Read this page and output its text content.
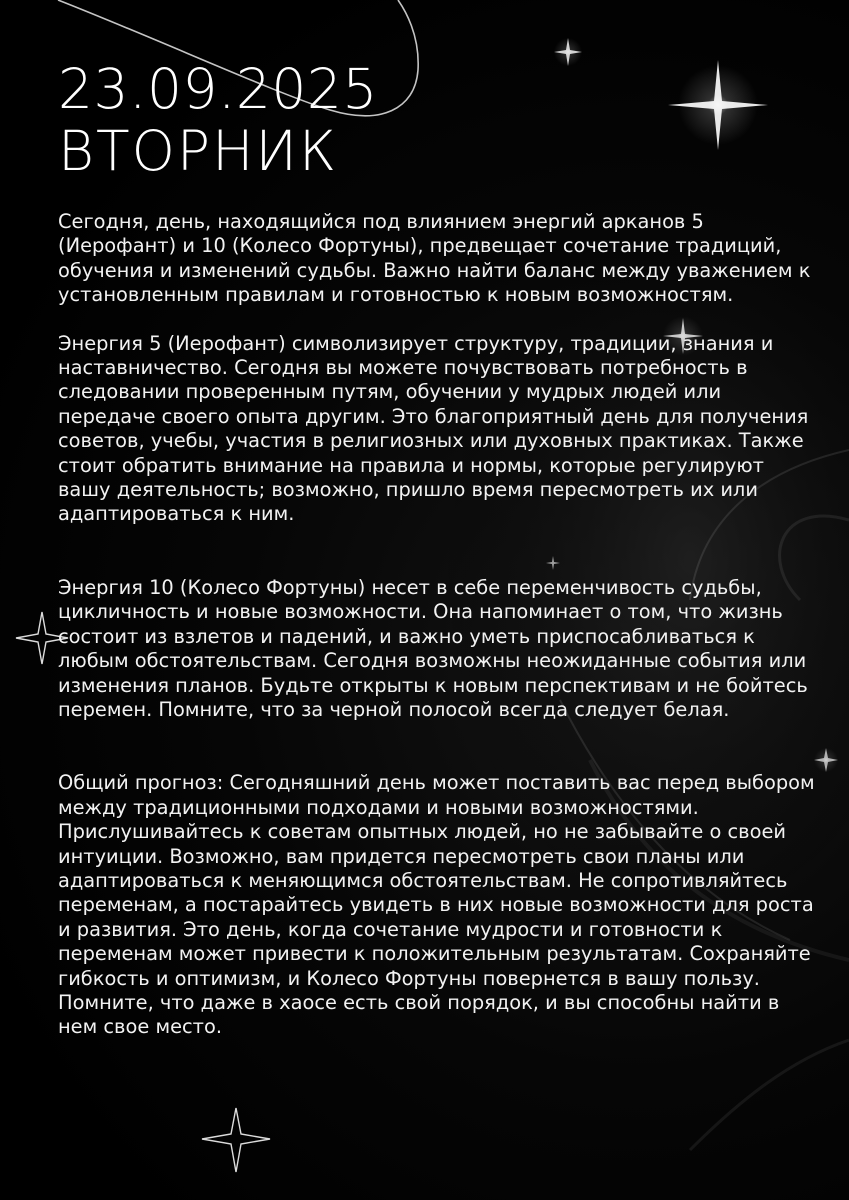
23.09.2025
ВТОРНИК

Сегодня, день, находящийся под влиянием энергий арканов 5 (Иерофант) и 10 (Колесо Фортуны), предвещает сочетание традиций, обучения и изменений судьбы. Важно найти баланс между уважением к установленным правилам и готовностью к новым возможностям.

Энергия 5 (Иерофант) символизирует структуру, традиции, знания и наставничество. Сегодня вы можете почувствовать потребность в следовании проверенным путям, обучении у мудрых людей или передаче своего опыта другим. Это благоприятный день для получения советов, учебы, участия в религиозных или духовных практиках. Также стоит обратить внимание на правила и нормы, которые регулируют вашу деятельность; возможно, пришло время пересмотреть их или адаптироваться к ним.

Энергия 10 (Колесо Фортуны) несет в себе переменчивость судьбы, цикличность и новые возможности. Она напоминает о том, что жизнь состоит из взлетов и падений, и важно уметь приспосабливаться к любым обстоятельствам. Сегодня возможны неожиданные события или изменения планов. Будьте открыты к новым перспективам и не бойтесь перемен. Помните, что за черной полосой всегда следует белая.

Общий прогноз: Сегодняшний день может поставить вас перед выбором между традиционными подходами и новыми возможностями. Прислушивайтесь к советам опытных людей, но не забывайте о своей интуиции. Возможно, вам придется пересмотреть свои планы или адаптироваться к меняющимся обстоятельствам. Не сопротивляйтесь переменам, а постарайтесь увидеть в них новые возможности для роста и развития. Это день, когда сочетание мудрости и готовности к переменам может привести к положительным результатам. Сохраняйте гибкость и оптимизм, и Колесо Фортуны повернется в вашу пользу. Помните, что даже в хаосе есть свой порядок, и вы способны найти в нем свое место.
